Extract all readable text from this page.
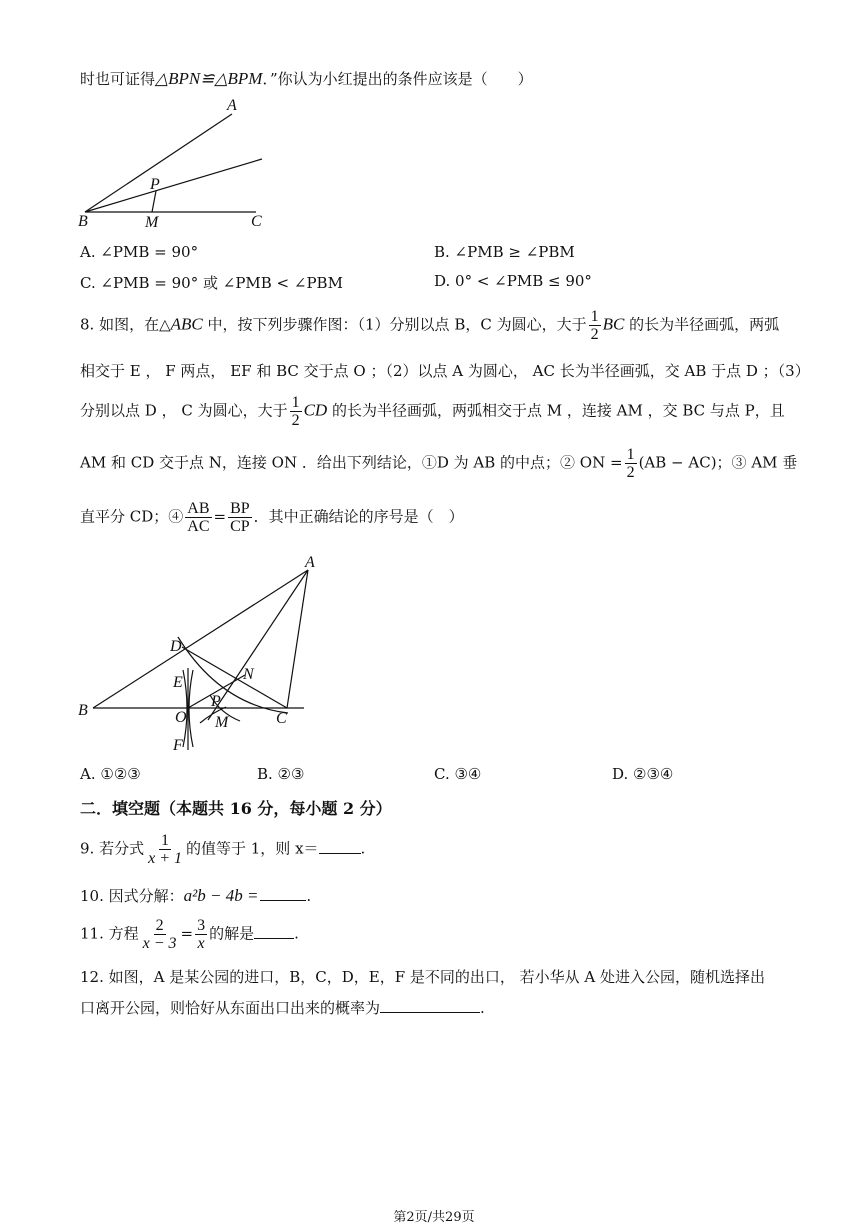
时也可证得△BPN≌△BPM．”你认为小红提出的条件应该是（　　）
A
P
B	M	C
A. ∠PMB = 90°	B. ∠PMB ≥ ∠PBM
C. ∠PMB = 90° 或 ∠PMB < ∠PBM	D. 0° < ∠PMB ≤ 90°
8. 如图，在△ABC 中，按下列步骤作图：（1）分别以点 B，C 为圆心，大于 $\frac{1}{2}$ BC 的长为半径画弧，两弧
相交于 E ， F 两点， EF 和 BC 交于点 O ；（2）以点 A 为圆心， AC 长为半径画弧，交 AB 于点 D ；（3）
分别以点 D ， C 为圆心，大于 $\frac{1}{2}$ CD 的长为半径画弧，两弧相交于点 M ，连接 AM ，交 BC 与点 P，且
AM 和 CD 交于点 N，连接 ON ．给出下列结论，①D 为 AB 的中点；② ON = $\frac{1}{2} (AB - AC)$；③ AM 垂
直平分 CD；④ $\frac{AB}{AC} = \frac{BP}{CP}$ ．其中正确结论的序号是（　）
A
D
E	N
B	O
P
M	C
F
A. ①②③	B. ②③	C. ③④	D. ②③④
二．填空题（本题共 16 分，每小题 2 分）
9. 若分式 $\frac{1}{x + 1}$ 的值等于 1，则 x＝	.
10. 因式分解：a²b − 4b =	.
11. 方程 $\frac{2}{x - 3} = \frac{3}{x}$ 的解是	.
12. 如图，A 是某公园的进口，B，C，D，E，F 是不同的出口， 若小华从 A 处进入公园，随机选择出
口离开公园，则恰好从东面出口出来的概率为	.
第2页/共29页
